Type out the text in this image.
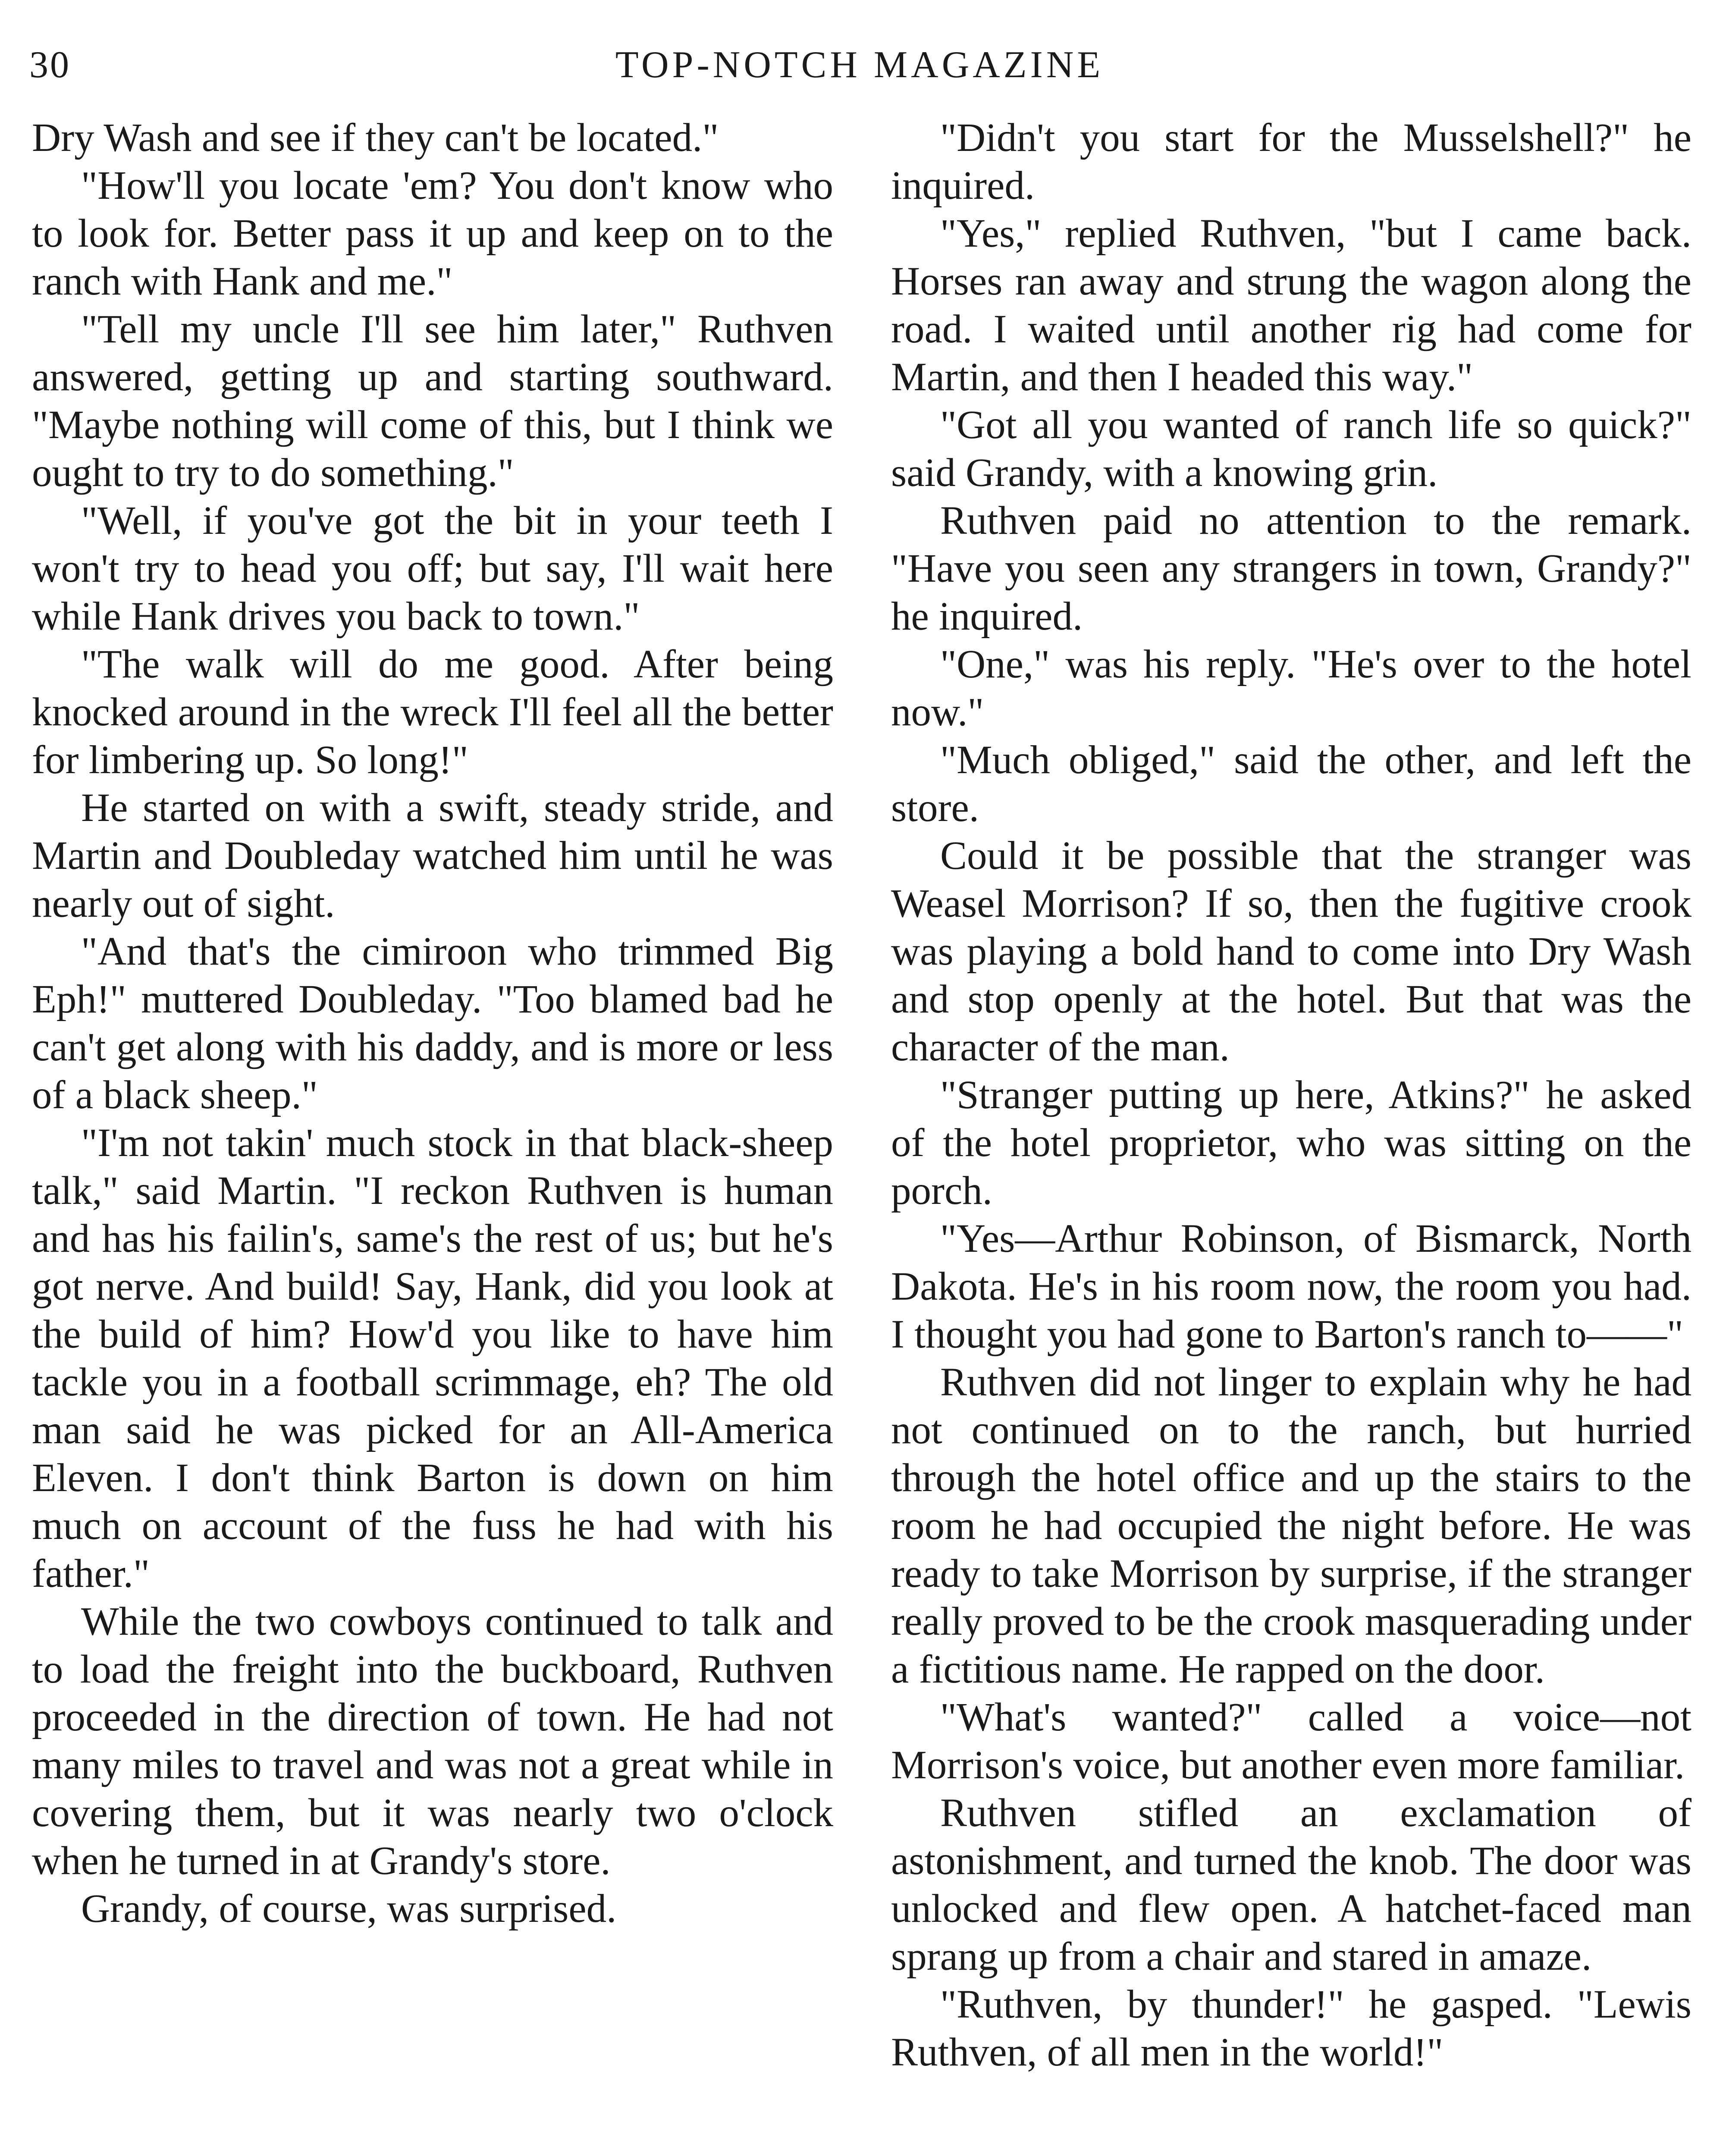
30	TOP-NOTCH MAGAZINE

Dry Wash and see if they can't be located."

"How'll you locate 'em? You don't know who to look for. Better pass it up and keep on to the ranch with Hank and me."

"Tell my uncle I'll see him later," Ruthven answered, getting up and starting southward. "Maybe nothing will come of this, but I think we ought to try to do something."

"Well, if you've got the bit in your teeth I won't try to head you off; but say, I'll wait here while Hank drives you back to town."

"The walk will do me good. After being knocked around in the wreck I'll feel all the better for limbering up. So long!"

He started on with a swift, steady stride, and Martin and Doubleday watched him until he was nearly out of sight.

"And that's the cimiroon who trimmed Big Eph!" muttered Doubleday. "Too blamed bad he can't get along with his daddy, and is more or less of a black sheep."

"I'm not takin' much stock in that black-sheep talk," said Martin. "I reckon Ruthven is human and has his failin's, same's the rest of us; but he's got nerve. And build! Say, Hank, did you look at the build of him? How'd you like to have him tackle you in a football scrimmage, eh? The old man said he was picked for an All-America Eleven. I don't think Barton is down on him much on account of the fuss he had with his father."

While the two cowboys continued to talk and to load the freight into the buckboard, Ruthven proceeded in the direction of town. He had not many miles to travel and was not a great while in covering them, but it was nearly two o'clock when he turned in at Grandy's store.

Grandy, of course, was surprised.

"Didn't you start for the Musselshell?" he inquired.

"Yes," replied Ruthven, "but I came back. Horses ran away and strung the wagon along the road. I waited until another rig had come for Martin, and then I headed this way."

"Got all you wanted of ranch life so quick?" said Grandy, with a knowing grin.

Ruthven paid no attention to the remark. "Have you seen any strangers in town, Grandy?" he inquired.

"One," was his reply. "He's over to the hotel now."

"Much obliged," said the other, and left the store.

Could it be possible that the stranger was Weasel Morrison? If so, then the fugitive crook was playing a bold hand to come into Dry Wash and stop openly at the hotel. But that was the character of the man.

"Stranger putting up here, Atkins?" he asked of the hotel proprietor, who was sitting on the porch.

"Yes—Arthur Robinson, of Bismarck, North Dakota. He's in his room now, the room you had. I thought you had gone to Barton's ranch to——"

Ruthven did not linger to explain why he had not continued on to the ranch, but hurried through the hotel office and up the stairs to the room he had occupied the night before. He was ready to take Morrison by surprise, if the stranger really proved to be the crook masquerading under a fictitious name. He rapped on the door.

"What's wanted?" called a voice—not Morrison's voice, but another even more familiar.

Ruthven stifled an exclamation of astonishment, and turned the knob. The door was unlocked and flew open. A hatchet-faced man sprang up from a chair and stared in amaze.

"Ruthven, by thunder!" he gasped. "Lewis Ruthven, of all men in the world!"
